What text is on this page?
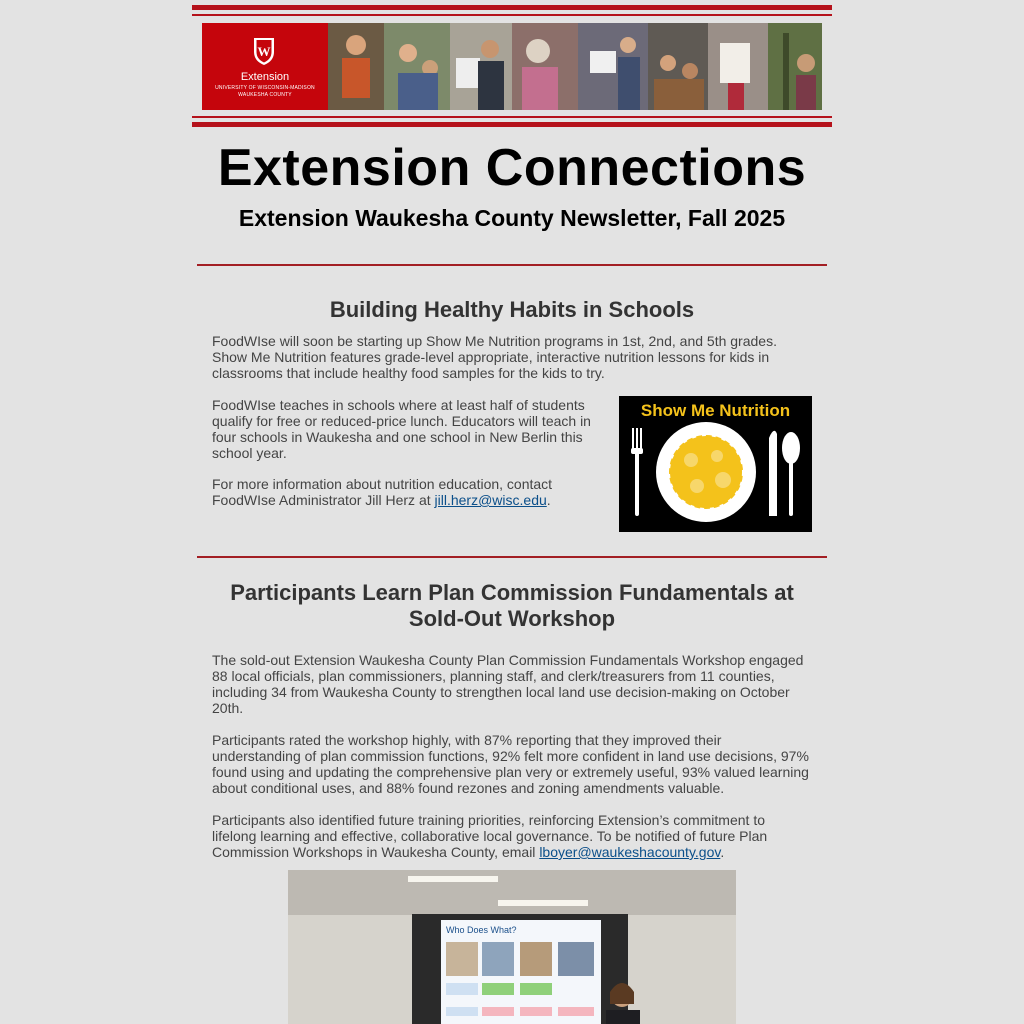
W
Extension
UNIVERSITY OF WISCONSIN-MADISON
WAUKESHA COUNTY
Extension Connections
Extension Waukesha County Newsletter, Fall 2025
Building Healthy Habits in Schools
FoodWIse will soon be starting up Show Me Nutrition programs in 1st, 2nd, and 5th grades. Show Me Nutrition features grade-level appropriate, interactive nutrition lessons for kids in classrooms that include healthy food samples for the kids to try.
FoodWIse teaches in schools where at least half of students qualify for free or reduced-price lunch. Educators will teach in four schools in Waukesha and one school in New Berlin this school year.
For more information about nutrition education, contact FoodWIse Administrator Jill Herz at jill.herz@wisc.edu.
Show Me Nutrition
Participants Learn Plan Commission Fundamentals at
Sold-Out Workshop
The sold-out Extension Waukesha County Plan Commission Fundamentals Workshop engaged 88 local officials, plan commissioners, planning staff, and clerk/treasurers from 11 counties, including 34 from Waukesha County to strengthen local land use decision-making on October 20th.
Participants rated the workshop highly, with 87% reporting that they improved their understanding of plan commission functions, 92% felt more confident in land use decisions, 97% found using and updating the comprehensive plan very or extremely useful, 93% valued learning about conditional uses, and 88% found rezones and zoning amendments valuable.
Participants also identified future training priorities, reinforcing Extension’s commitment to lifelong learning and effective, collaborative local governance. To be notified of future Plan Commission Workshops in Waukesha County, email lboyer@waukeshacounty.gov.
Who Does What?
